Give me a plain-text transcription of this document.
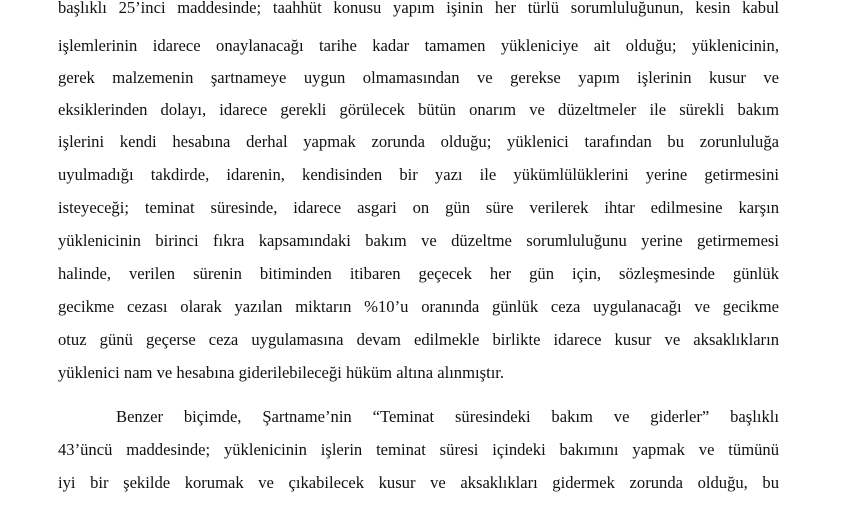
başlıklı 25’inci maddesinde; taahhüt konusu yapım işinin her türlü sorumluluğunun, kesin kabul
işlemlerinin idarece onaylanacağı tarihe kadar tamamen yükleniciye ait olduğu; yüklenicinin,
gerek malzemenin şartnameye uygun olmamasından ve gerekse yapım işlerinin kusur ve
eksiklerinden dolayı, idarece gerekli görülecek bütün onarım ve düzeltmeler ile sürekli bakım
işlerini kendi hesabına derhal yapmak zorunda olduğu; yüklenici tarafından bu zorunluluğa
uyulmadığı takdirde, idarenin, kendisinden bir yazı ile yükümlülüklerini yerine getirmesini
isteyeceği; teminat süresinde, idarece asgari on gün süre verilerek ihtar edilmesine karşın
yüklenicinin birinci fıkra kapsamındaki bakım ve düzeltme sorumluluğunu yerine getirmemesi
halinde, verilen sürenin bitiminden itibaren geçecek her gün için, sözleşmesinde günlük
gecikme cezası olarak yazılan miktarın %10’u oranında günlük ceza uygulanacağı ve gecikme
otuz günü geçerse ceza uygulamasına devam edilmekle birlikte idarece kusur ve aksaklıkların
yüklenici nam ve hesabına giderilebileceği hüküm altına alınmıştır.
Benzer biçimde, Şartname’nin “Teminat süresindeki bakım ve giderler” başlıklı
43’üncü maddesinde; yüklenicinin işlerin teminat süresi içindeki bakımını yapmak ve tümünü
iyi bir şekilde korumak ve çıkabilecek kusur ve aksaklıkları gidermek zorunda olduğu, bu
